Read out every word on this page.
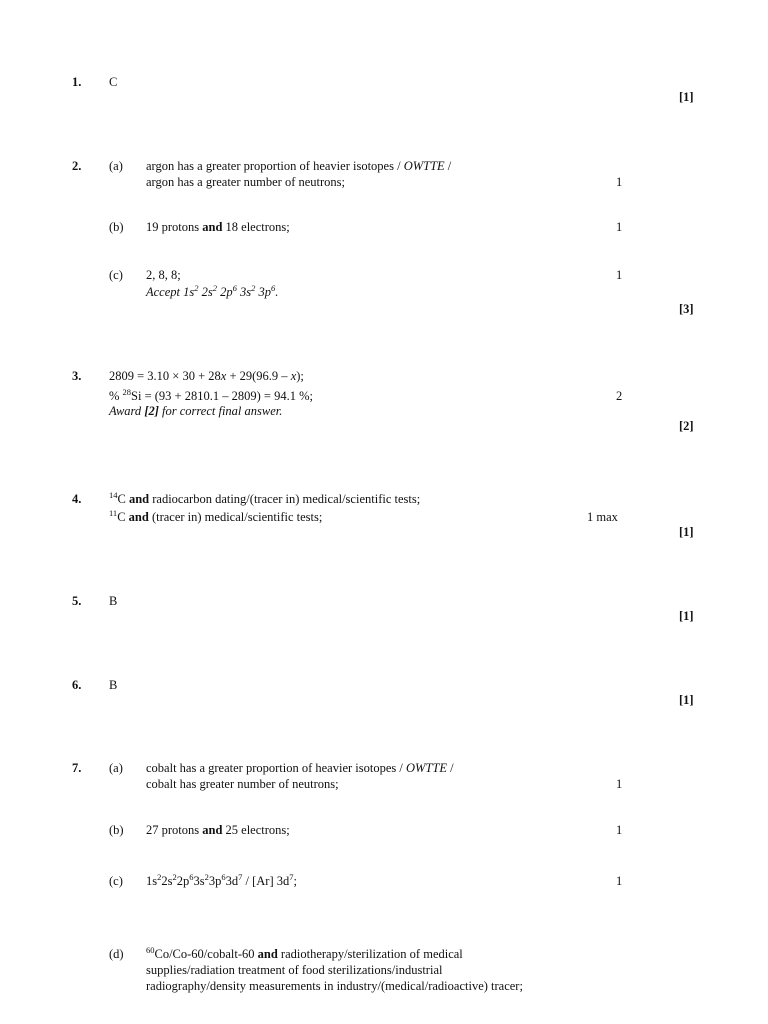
1. C
[1]
2. (a) argon has a greater proportion of heavier isotopes / OWTTE /
argon has a greater number of neutrons;	1
(b) 19 protons and 18 electrons;	1
(c) 2, 8, 8;	1
Accept $1s^2$ $2s^2$ $2p^6$ $3s^2$ $3p^6$.
[3]
3. 2809 = 3.10 × 30 + 28x + 29(96.9 – x);
% $^{28}$Si = (93 + 2810.1 – 2809) = 94.1 %;	2
Award [2] for correct final answer.
[2]
4.	$^{14}$C and radiocarbon dating/(tracer in) medical/scientific tests;
$^{11}$C and (tracer in) medical/scientific tests;	1 max
[1]
5. B
[1]
6. B
[1]
7. (a) cobalt has a greater proportion of heavier isotopes / OWTTE /
cobalt has greater number of neutrons;	1
(b) 27 protons and 25 electrons;	1
(c) $1s^22s^22p^63s^23p^63d^7 / [Ar]$ $3d^7$;	1
(d)	$^{60}$Co/Co-60/cobalt-60 and radiotherapy/sterilization of medical
supplies/radiation treatment of food sterilizations/industrial
radiography/density measurements in industry/(medical/radioactive) tracer;
